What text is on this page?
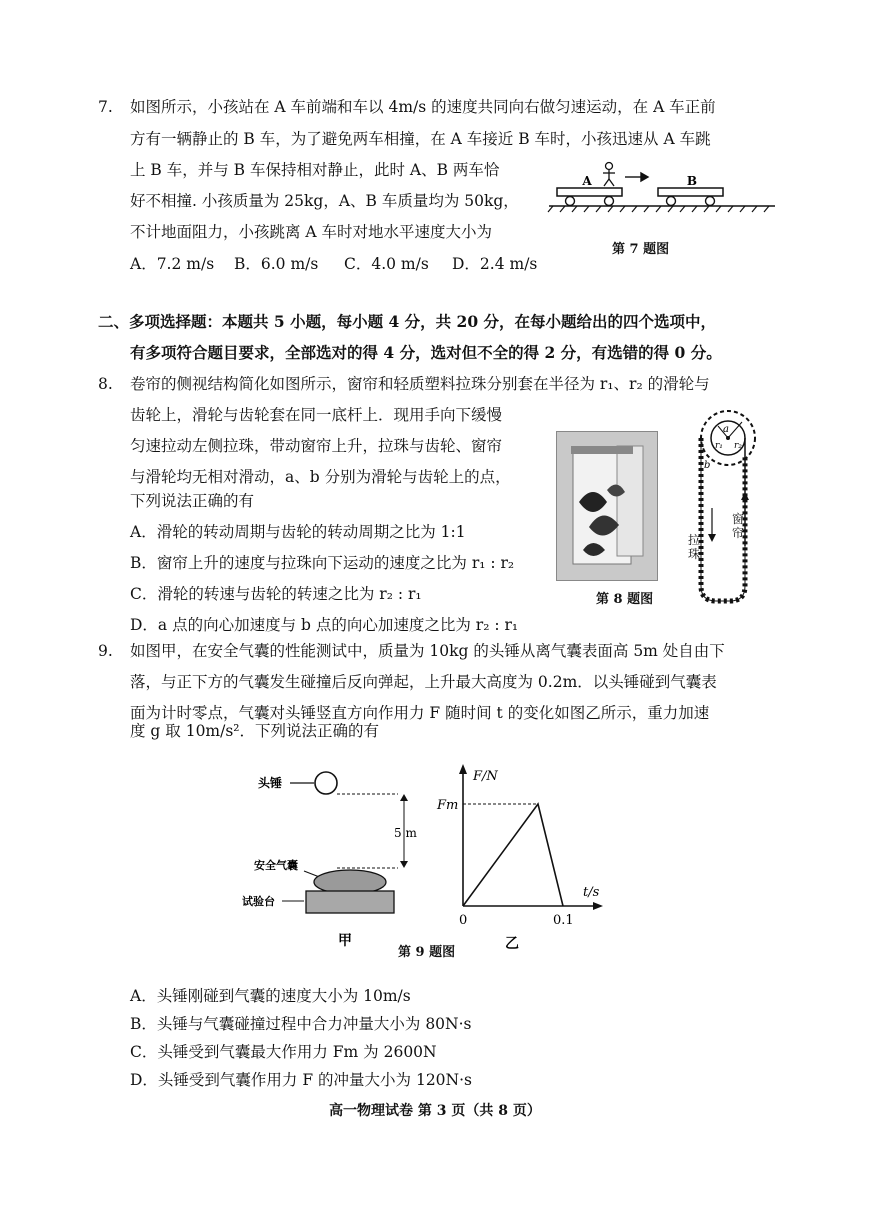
7. 如图所示，小孩站在 A 车前端和车以 4m/s 的速度共同向右做匀速运动，在 A 车正前
方有一辆静止的 B 车，为了避免两车相撞，在 A 车接近 B 车时，小孩迅速从 A 车跳
上 B 车，并与 B 车保持相对静止，此时 A、B 两车恰
好不相撞. 小孩质量为 25kg，A、B 车质量均为 50kg，
不计地面阻力，小孩跳离 A 车时对地水平速度大小为
A．7.2 m/s B．6.0 m/s C．4.0 m/s D．2.4 m/s
A	B
第 7 题图
二、多项选择题：本题共 5 小题，每小题 4 分，共 20 分，在每小题给出的四个选项中，
有多项符合题目要求，全部选对的得 4 分，选对但不全的得 2 分，有选错的得 0 分。
8. 卷帘的侧视结构简化如图所示，窗帘和轻质塑料拉珠分别套在半径为 r₁、r₂ 的滑轮与
齿轮上，滑轮与齿轮套在同一底杆上．现用手向下缓慢
匀速拉动左侧拉珠，带动窗帘上升，拉珠与齿轮、窗帘
与滑轮均无相对滑动，a、b 分别为滑轮与齿轮上的点，
下列说法正确的有
A．滑轮的转动周期与齿轮的转动周期之比为 1:1
B．窗帘上升的速度与拉珠向下运动的速度之比为 r₁ : r₂
C．滑轮的转速与齿轮的转速之比为 r₂ : r₁
D．a 点的向心加速度与 b 点的向心加速度之比为 r₂ : r₁
a
r₁ r₂
b
拉珠
窗帘
第 8 题图
9. 如图甲，在安全气囊的性能测试中，质量为 10kg 的头锤从离气囊表面高 5m 处自由下
落，与正下方的气囊发生碰撞后反向弹起，上升最大高度为 0.2m．以头锤碰到气囊表
面为计时零点，气囊对头锤竖直方向作用力 F 随时间 t 的变化如图乙所示，重力加速
度 g 取 10m/s²．下列说法正确的有
头锤
5 m
安全气囊
试验台
甲
F/N
t/s
Fm
0	0.1
乙
第 9 题图
A．头锤刚碰到气囊的速度大小为 10m/s
B．头锤与气囊碰撞过程中合力冲量大小为 80N·s
C．头锤受到气囊最大作用力 Fm 为 2600N
D．头锤受到气囊作用力 F 的冲量大小为 120N·s
高一物理试卷 第 3 页（共 8 页）
